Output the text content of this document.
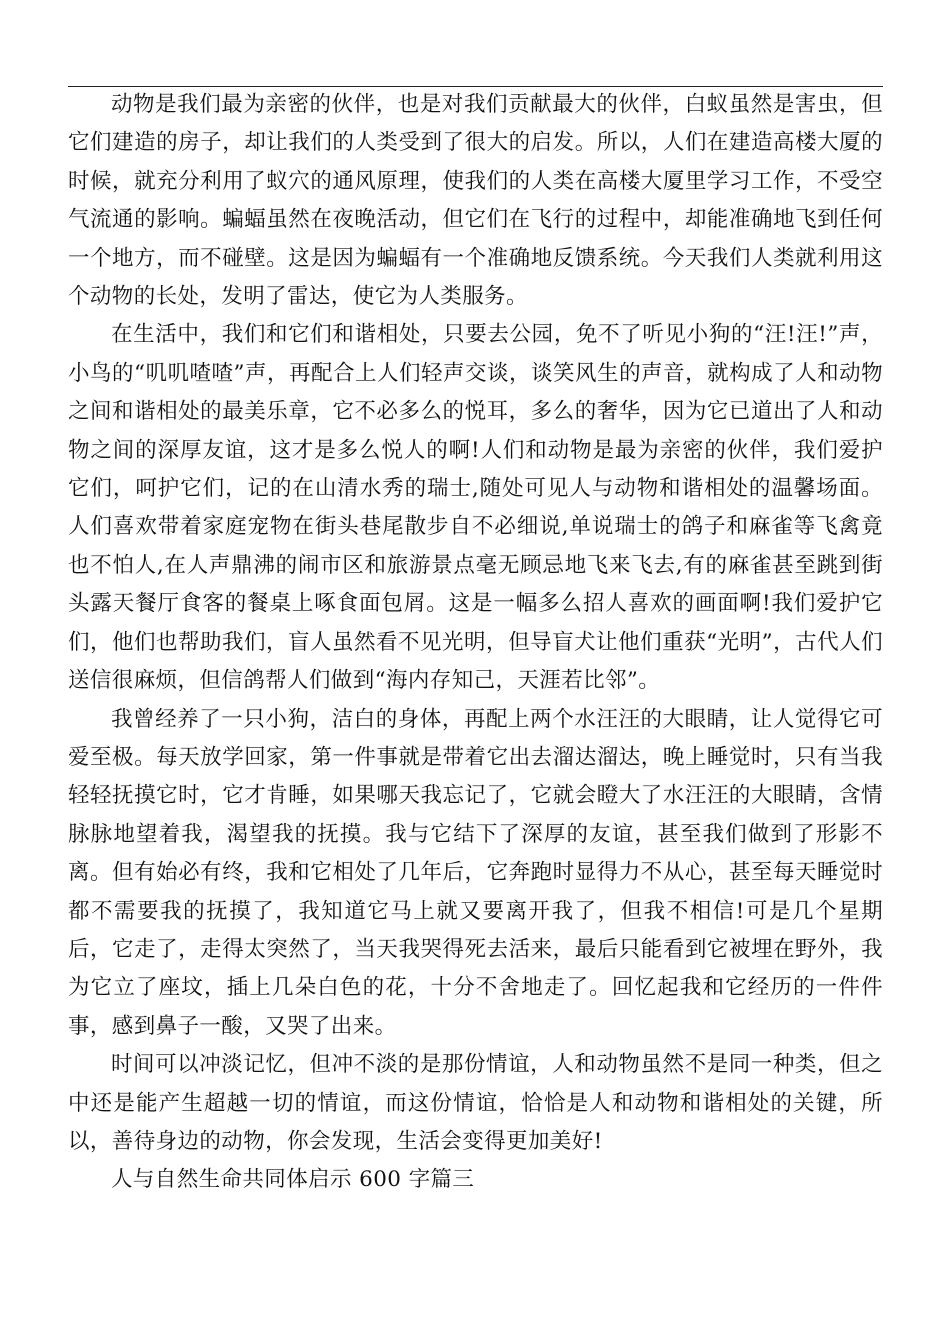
动物是我们最为亲密的伙伴，也是对我们贡献最大的伙伴，白蚁虽然是害虫，但它们建造的房子，却让我们的人类受到了很大的启发。所以，人们在建造高楼大厦的时候，就充分利用了蚁穴的通风原理，使我们的人类在高楼大厦里学习工作，不受空气流通的影响。蝙蝠虽然在夜晚活动，但它们在飞行的过程中，却能准确地飞到任何一个地方，而不碰壁。这是因为蝙蝠有一个准确地反馈系统。今天我们人类就利用这个动物的长处，发明了雷达，使它为人类服务。

在生活中，我们和它们和谐相处，只要去公园，免不了听见小狗的“汪!汪!”声，小鸟的“叽叽喳喳”声，再配合上人们轻声交谈，谈笑风生的声音，就构成了人和动物之间和谐相处的最美乐章，它不必多么的悦耳，多么的奢华，因为它已道出了人和动物之间的深厚友谊，这才是多么悦人的啊!人们和动物是最为亲密的伙伴，我们爱护它们，呵护它们，记的在山清水秀的瑞士,随处可见人与动物和谐相处的温馨场面。人们喜欢带着家庭宠物在街头巷尾散步自不必细说,单说瑞士的鸽子和麻雀等飞禽竟也不怕人,在人声鼎沸的闹市区和旅游景点毫无顾忌地飞来飞去,有的麻雀甚至跳到街头露天餐厅食客的餐桌上啄食面包屑。这是一幅多么招人喜欢的画面啊!我们爱护它们，他们也帮助我们，盲人虽然看不见光明，但导盲犬让他们重获“光明”，古代人们送信很麻烦，但信鸽帮人们做到“海内存知己，天涯若比邻”。

我曾经养了一只小狗，洁白的身体，再配上两个水汪汪的大眼睛，让人觉得它可爱至极。每天放学回家，第一件事就是带着它出去溜达溜达，晚上睡觉时，只有当我轻轻抚摸它时，它才肯睡，如果哪天我忘记了，它就会瞪大了水汪汪的大眼睛，含情脉脉地望着我，渴望我的抚摸。我与它结下了深厚的友谊，甚至我们做到了形影不离。但有始必有终，我和它相处了几年后，它奔跑时显得力不从心，甚至每天睡觉时都不需要我的抚摸了，我知道它马上就又要离开我了，但我不相信!可是几个星期后，它走了，走得太突然了，当天我哭得死去活来，最后只能看到它被埋在野外，我为它立了座坟，插上几朵白色的花，十分不舍地走了。回忆起我和它经历的一件件事，感到鼻子一酸，又哭了出来。

时间可以冲淡记忆，但冲不淡的是那份情谊，人和动物虽然不是同一种类，但之中还是能产生超越一切的情谊，而这份情谊，恰恰是人和动物和谐相处的关键，所以，善待身边的动物，你会发现，生活会变得更加美好!

人与自然生命共同体启示 600 字篇三
